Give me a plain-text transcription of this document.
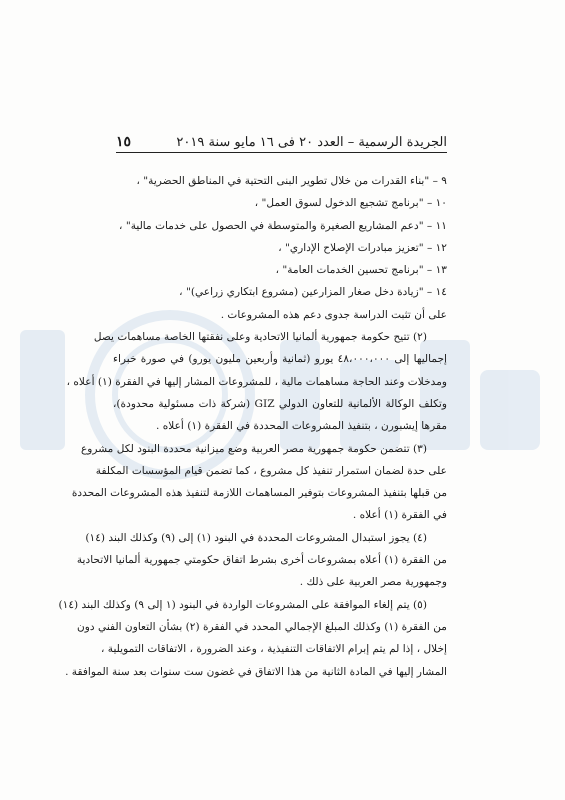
الجريدة الرسمية – العدد ٢٠ فى ١٦ مايو سنة ٢٠١٩
١٥
٩ – "بناء القدرات من خلال تطوير البنى التحتية في المناطق الحضرية" ،
١٠ – "برنامج تشجيع الدخول لسوق العمل" ،
١١ – "دعم المشاريع الصغيرة والمتوسطة في الحصول على خدمات مالية" ،
١٢ – "تعزيز مبادرات الإصلاح الإداري" ،
١٣ – "برنامج تحسين الخدمات العامة" ،
١٤ – "زيادة دخل صغار المزارعين (مشروع ابتكاري زراعي)" ،
على أن تثبت الدراسة جدوى دعم هذه المشروعات .
(٢) تتيح حكومة جمهورية ألمانيا الاتحادية وعلى نفقتها الخاصة مساهمات يصل
إجماليها إلى ٤٨،٠٠٠،٠٠٠ يورو (ثمانية وأربعين مليون يورو) في صورة خبراء
ومدخلات وعند الحاجة مساهمات مالية ، للمشروعات المشار إليها في الفقرة (١) أعلاه ،
وتكلف الوكالة الألمانية للتعاون الدولي GIZ (شركة ذات مسئولية محدودة)،
مقرها إيشبورن ، بتنفيذ المشروعات المحددة في الفقرة (١) أعلاه .
(٣) تتضمن حكومة جمهورية مصر العربية وضع ميزانية محددة البنود لكل مشروع
على حدة لضمان استمرار تنفيذ كل مشروع ، كما تضمن قيام المؤسسات المكلفة
من قبلها بتنفيذ المشروعات بتوفير المساهمات اللازمة لتنفيذ هذه المشروعات المحددة
في الفقرة (١) أعلاه .
(٤) يجوز استبدال المشروعات المحددة في البنود (١) إلى (٩) وكذلك البند (١٤)
من الفقرة (١) أعلاه بمشروعات أخرى بشرط اتفاق حكومتي جمهورية ألمانيا الاتحادية
وجمهورية مصر العربية على ذلك .
(٥) يتم إلغاء الموافقة على المشروعات الواردة في البنود (١ إلى ٩) وكذلك البند (١٤)
من الفقرة (١) وكذلك المبلغ الإجمالي المحدد في الفقرة (٢) بشأن التعاون الفني دون
إخلال ، إذا لم يتم إبرام الاتفاقات التنفيذية ، وعند الضرورة ، الاتفاقات التمويلية ،
المشار إليها في المادة الثانية من هذا الاتفاق في غضون ست سنوات بعد سنة الموافقة .
